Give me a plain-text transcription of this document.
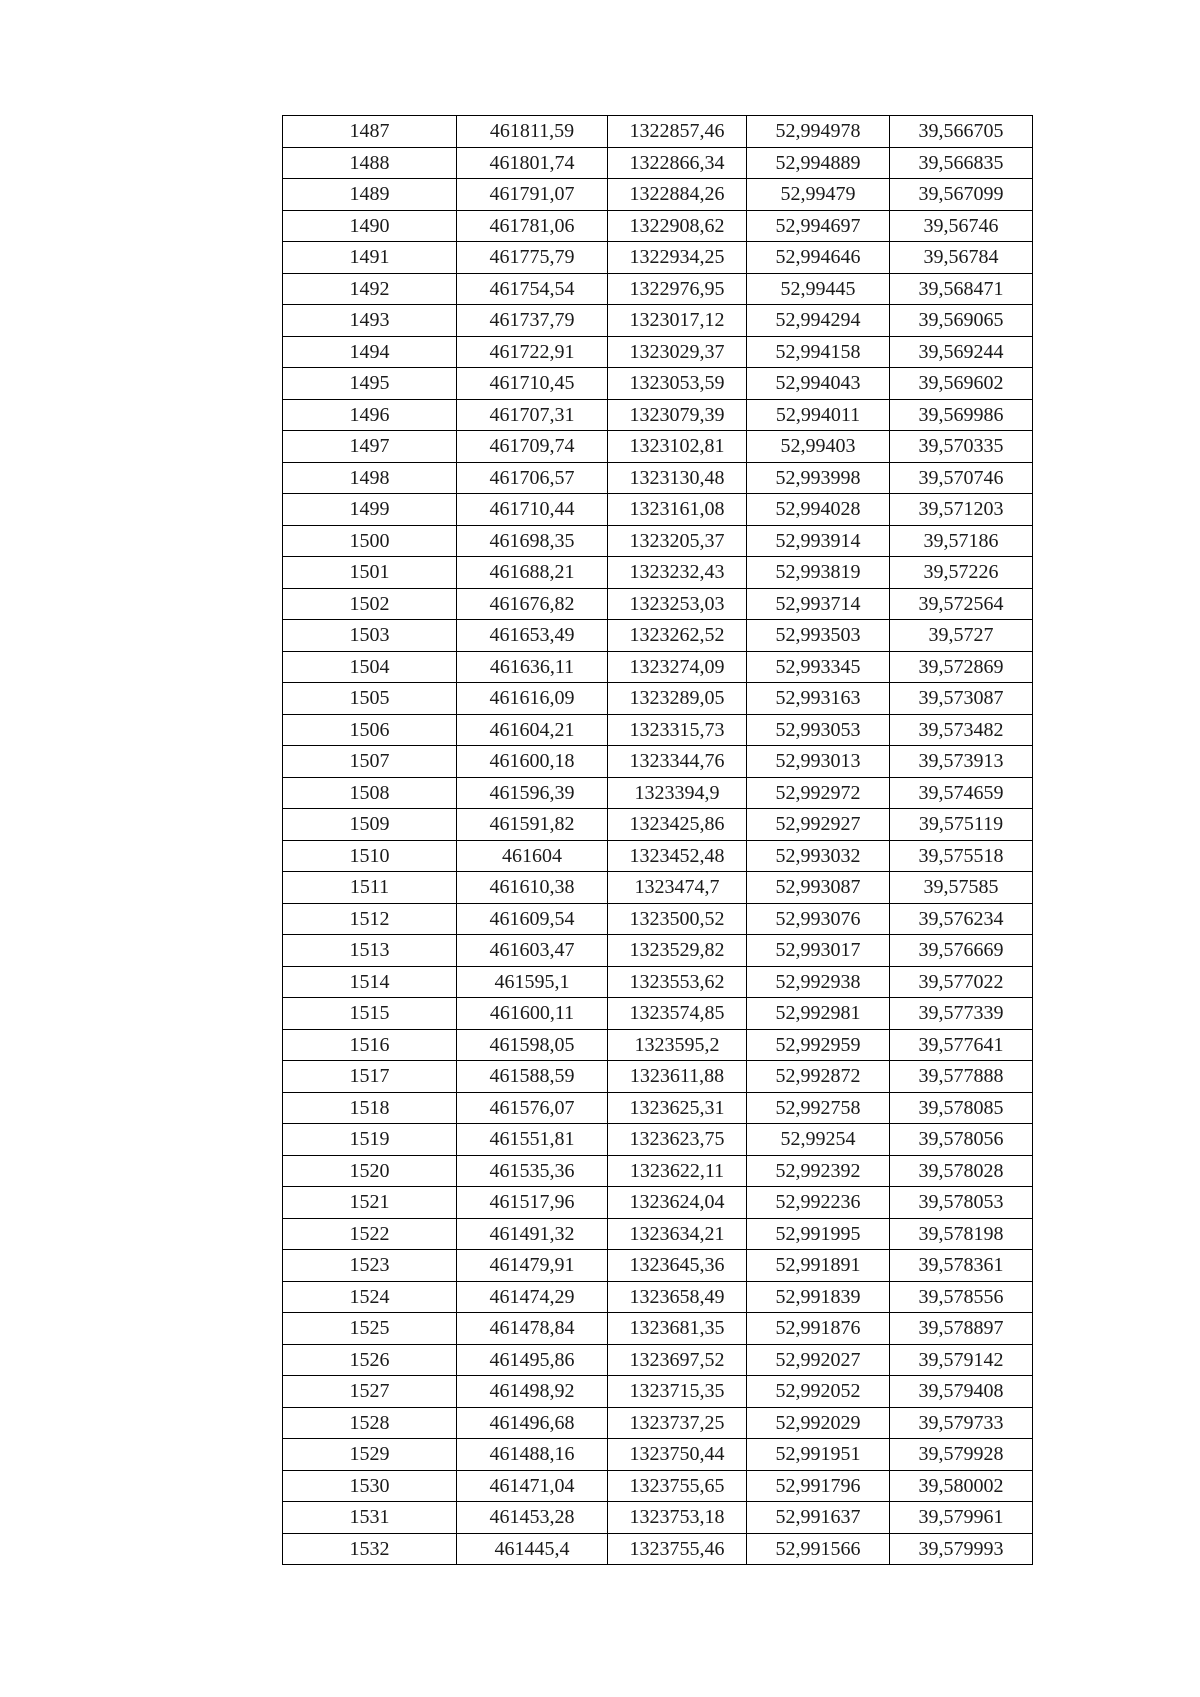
1487	461811,59	1322857,46	52,994978	39,566705
1488	461801,74	1322866,34	52,994889	39,566835
1489	461791,07	1322884,26	52,99479	39,567099
1490	461781,06	1322908,62	52,994697	39,56746
1491	461775,79	1322934,25	52,994646	39,56784
1492	461754,54	1322976,95	52,99445	39,568471
1493	461737,79	1323017,12	52,994294	39,569065
1494	461722,91	1323029,37	52,994158	39,569244
1495	461710,45	1323053,59	52,994043	39,569602
1496	461707,31	1323079,39	52,994011	39,569986
1497	461709,74	1323102,81	52,99403	39,570335
1498	461706,57	1323130,48	52,993998	39,570746
1499	461710,44	1323161,08	52,994028	39,571203
1500	461698,35	1323205,37	52,993914	39,57186
1501	461688,21	1323232,43	52,993819	39,57226
1502	461676,82	1323253,03	52,993714	39,572564
1503	461653,49	1323262,52	52,993503	39,5727
1504	461636,11	1323274,09	52,993345	39,572869
1505	461616,09	1323289,05	52,993163	39,573087
1506	461604,21	1323315,73	52,993053	39,573482
1507	461600,18	1323344,76	52,993013	39,573913
1508	461596,39	1323394,9	52,992972	39,574659
1509	461591,82	1323425,86	52,992927	39,575119
1510	461604	1323452,48	52,993032	39,575518
1511	461610,38	1323474,7	52,993087	39,57585
1512	461609,54	1323500,52	52,993076	39,576234
1513	461603,47	1323529,82	52,993017	39,576669
1514	461595,1	1323553,62	52,992938	39,577022
1515	461600,11	1323574,85	52,992981	39,577339
1516	461598,05	1323595,2	52,992959	39,577641
1517	461588,59	1323611,88	52,992872	39,577888
1518	461576,07	1323625,31	52,992758	39,578085
1519	461551,81	1323623,75	52,99254	39,578056
1520	461535,36	1323622,11	52,992392	39,578028
1521	461517,96	1323624,04	52,992236	39,578053
1522	461491,32	1323634,21	52,991995	39,578198
1523	461479,91	1323645,36	52,991891	39,578361
1524	461474,29	1323658,49	52,991839	39,578556
1525	461478,84	1323681,35	52,991876	39,578897
1526	461495,86	1323697,52	52,992027	39,579142
1527	461498,92	1323715,35	52,992052	39,579408
1528	461496,68	1323737,25	52,992029	39,579733
1529	461488,16	1323750,44	52,991951	39,579928
1530	461471,04	1323755,65	52,991796	39,580002
1531	461453,28	1323753,18	52,991637	39,579961
1532	461445,4	1323755,46	52,991566	39,579993
